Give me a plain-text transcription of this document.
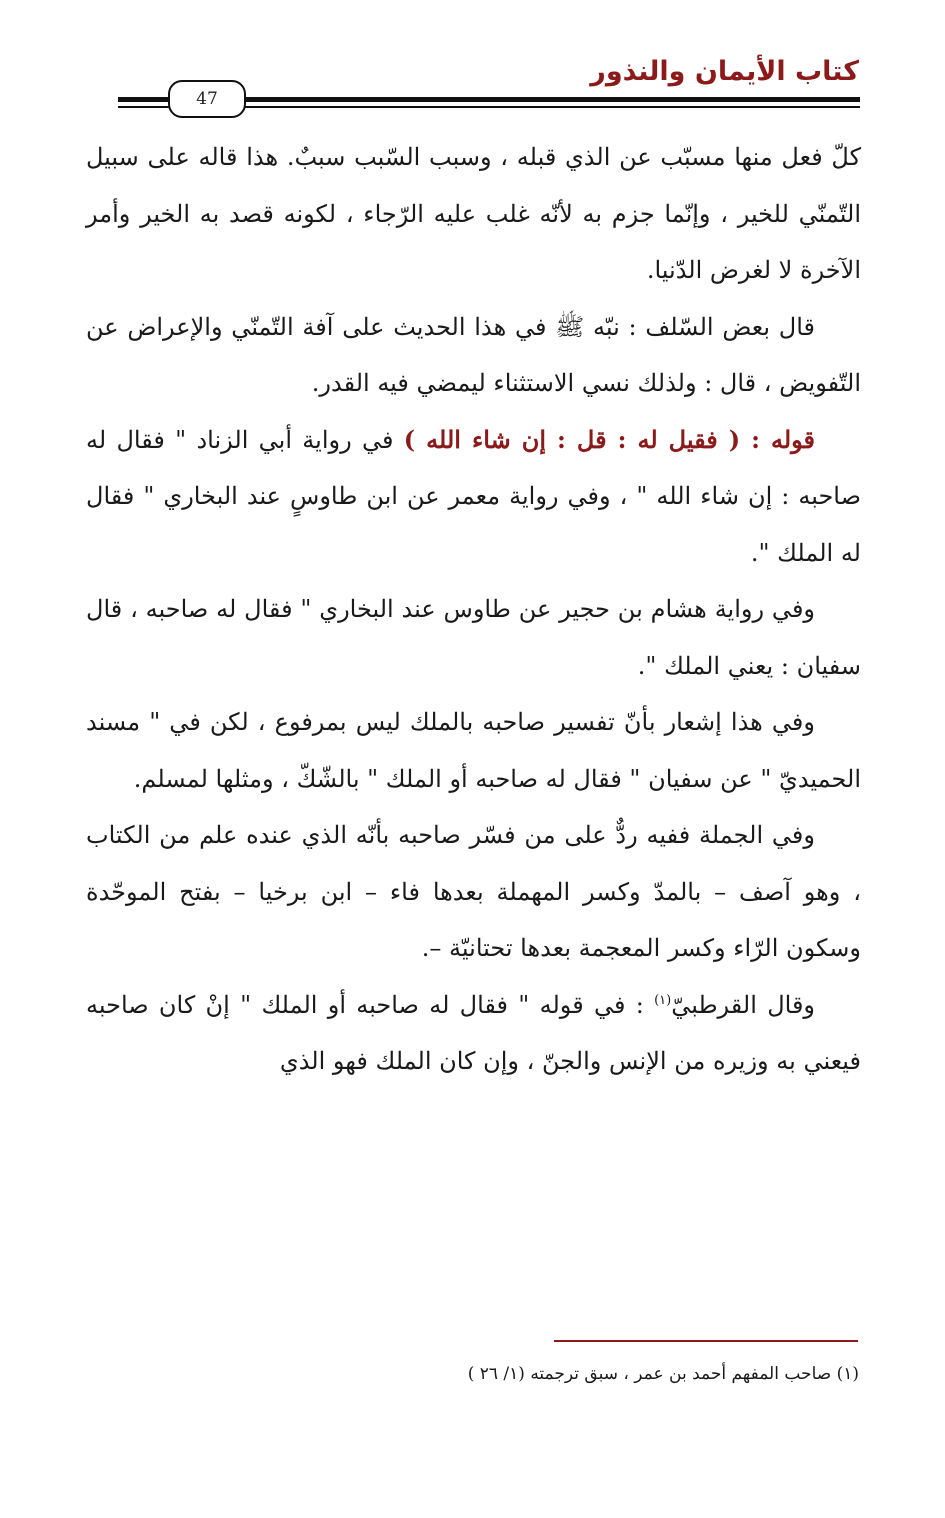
كتاب الأيمان والنذور
47

كلّ فعل منها مسبّب عن الذي قبله ، وسبب السّبب سببٌ. هذا قاله على سبيل التّمنّي للخير ، وإنّما جزم به لأنّه غلب عليه الرّجاء ، لكونه قصد به الخير وأمر الآخرة لا لغرض الدّنيا.

قال بعض السّلف : نبّه ﷺ في هذا الحديث على آفة التّمنّي والإعراض عن التّفويض ، قال : ولذلك نسي الاستثناء ليمضي فيه القدر.

قوله : ( فقيل له : قل : إن شاء الله ) في رواية أبي الزناد " فقال له صاحبه : إن شاء الله " ، وفي رواية معمر عن ابن طاوسٍ عند البخاري " فقال له الملك ".

وفي رواية هشام بن حجير عن طاوس عند البخاري " فقال له صاحبه ، قال سفيان : يعني الملك ".

وفي هذا إشعار بأنّ تفسير صاحبه بالملك ليس بمرفوع ، لكن في " مسند الحميديّ " عن سفيان " فقال له صاحبه أو الملك " بالشّكّ ، ومثلها لمسلم.

وفي الجملة ففيه ردٌّ على من فسّر صاحبه بأنّه الذي عنده علم من الكتاب ، وهو آصف – بالمدّ وكسر المهملة بعدها فاء – ابن برخيا – بفتح الموحّدة وسكون الرّاء وكسر المعجمة بعدها تحتانيّة –.

وقال القرطبيّ$^{(١)}$ : في قوله " فقال له صاحبه أو الملك " إنْ كان صاحبه فيعني به وزيره من الإنس والجنّ ، وإن كان الملك فهو الذي

(١) صاحب المفهم أحمد بن عمر ، سبق ترجمته (١/ ٢٦ )
